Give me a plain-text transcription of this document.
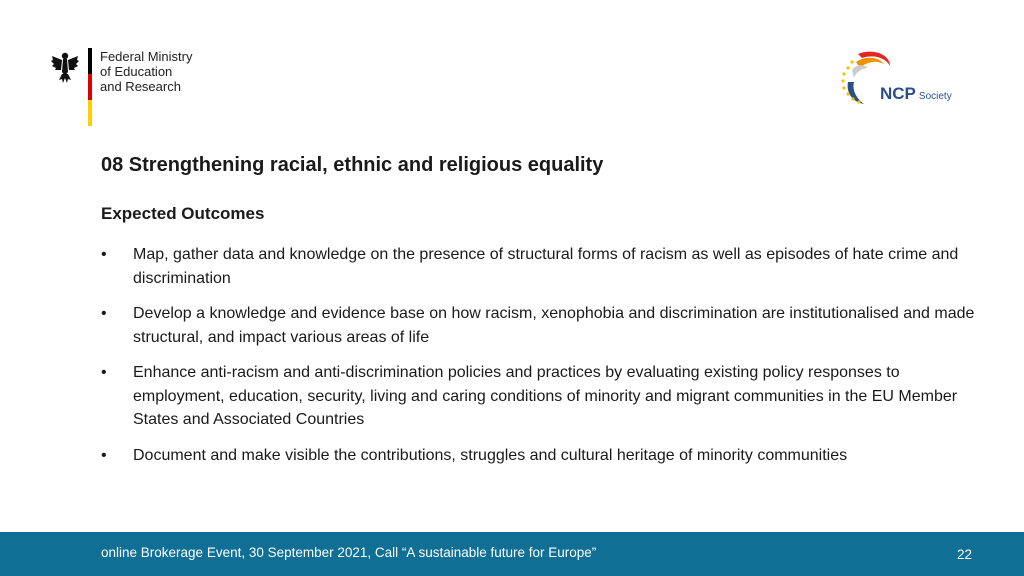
Federal Ministry
of Education
and Research	NCP Society
08 Strengthening racial, ethnic and religious equality
Expected Outcomes
• Map, gather data and knowledge on the presence of structural forms of racism as well as episodes of hate crime and discrimination
• Develop a knowledge and evidence base on how racism, xenophobia and discrimination are institutionalised and made structural, and impact various areas of life
• Enhance anti-racism and anti-discrimination policies and practices by evaluating existing policy responses to employment, education, security, living and caring conditions of minority and migrant communities in the EU Member States and Associated Countries
• Document and make visible the contributions, struggles and cultural heritage of minority communities
online Brokerage Event, 30 September 2021, Call “A sustainable future for Europe”	22
